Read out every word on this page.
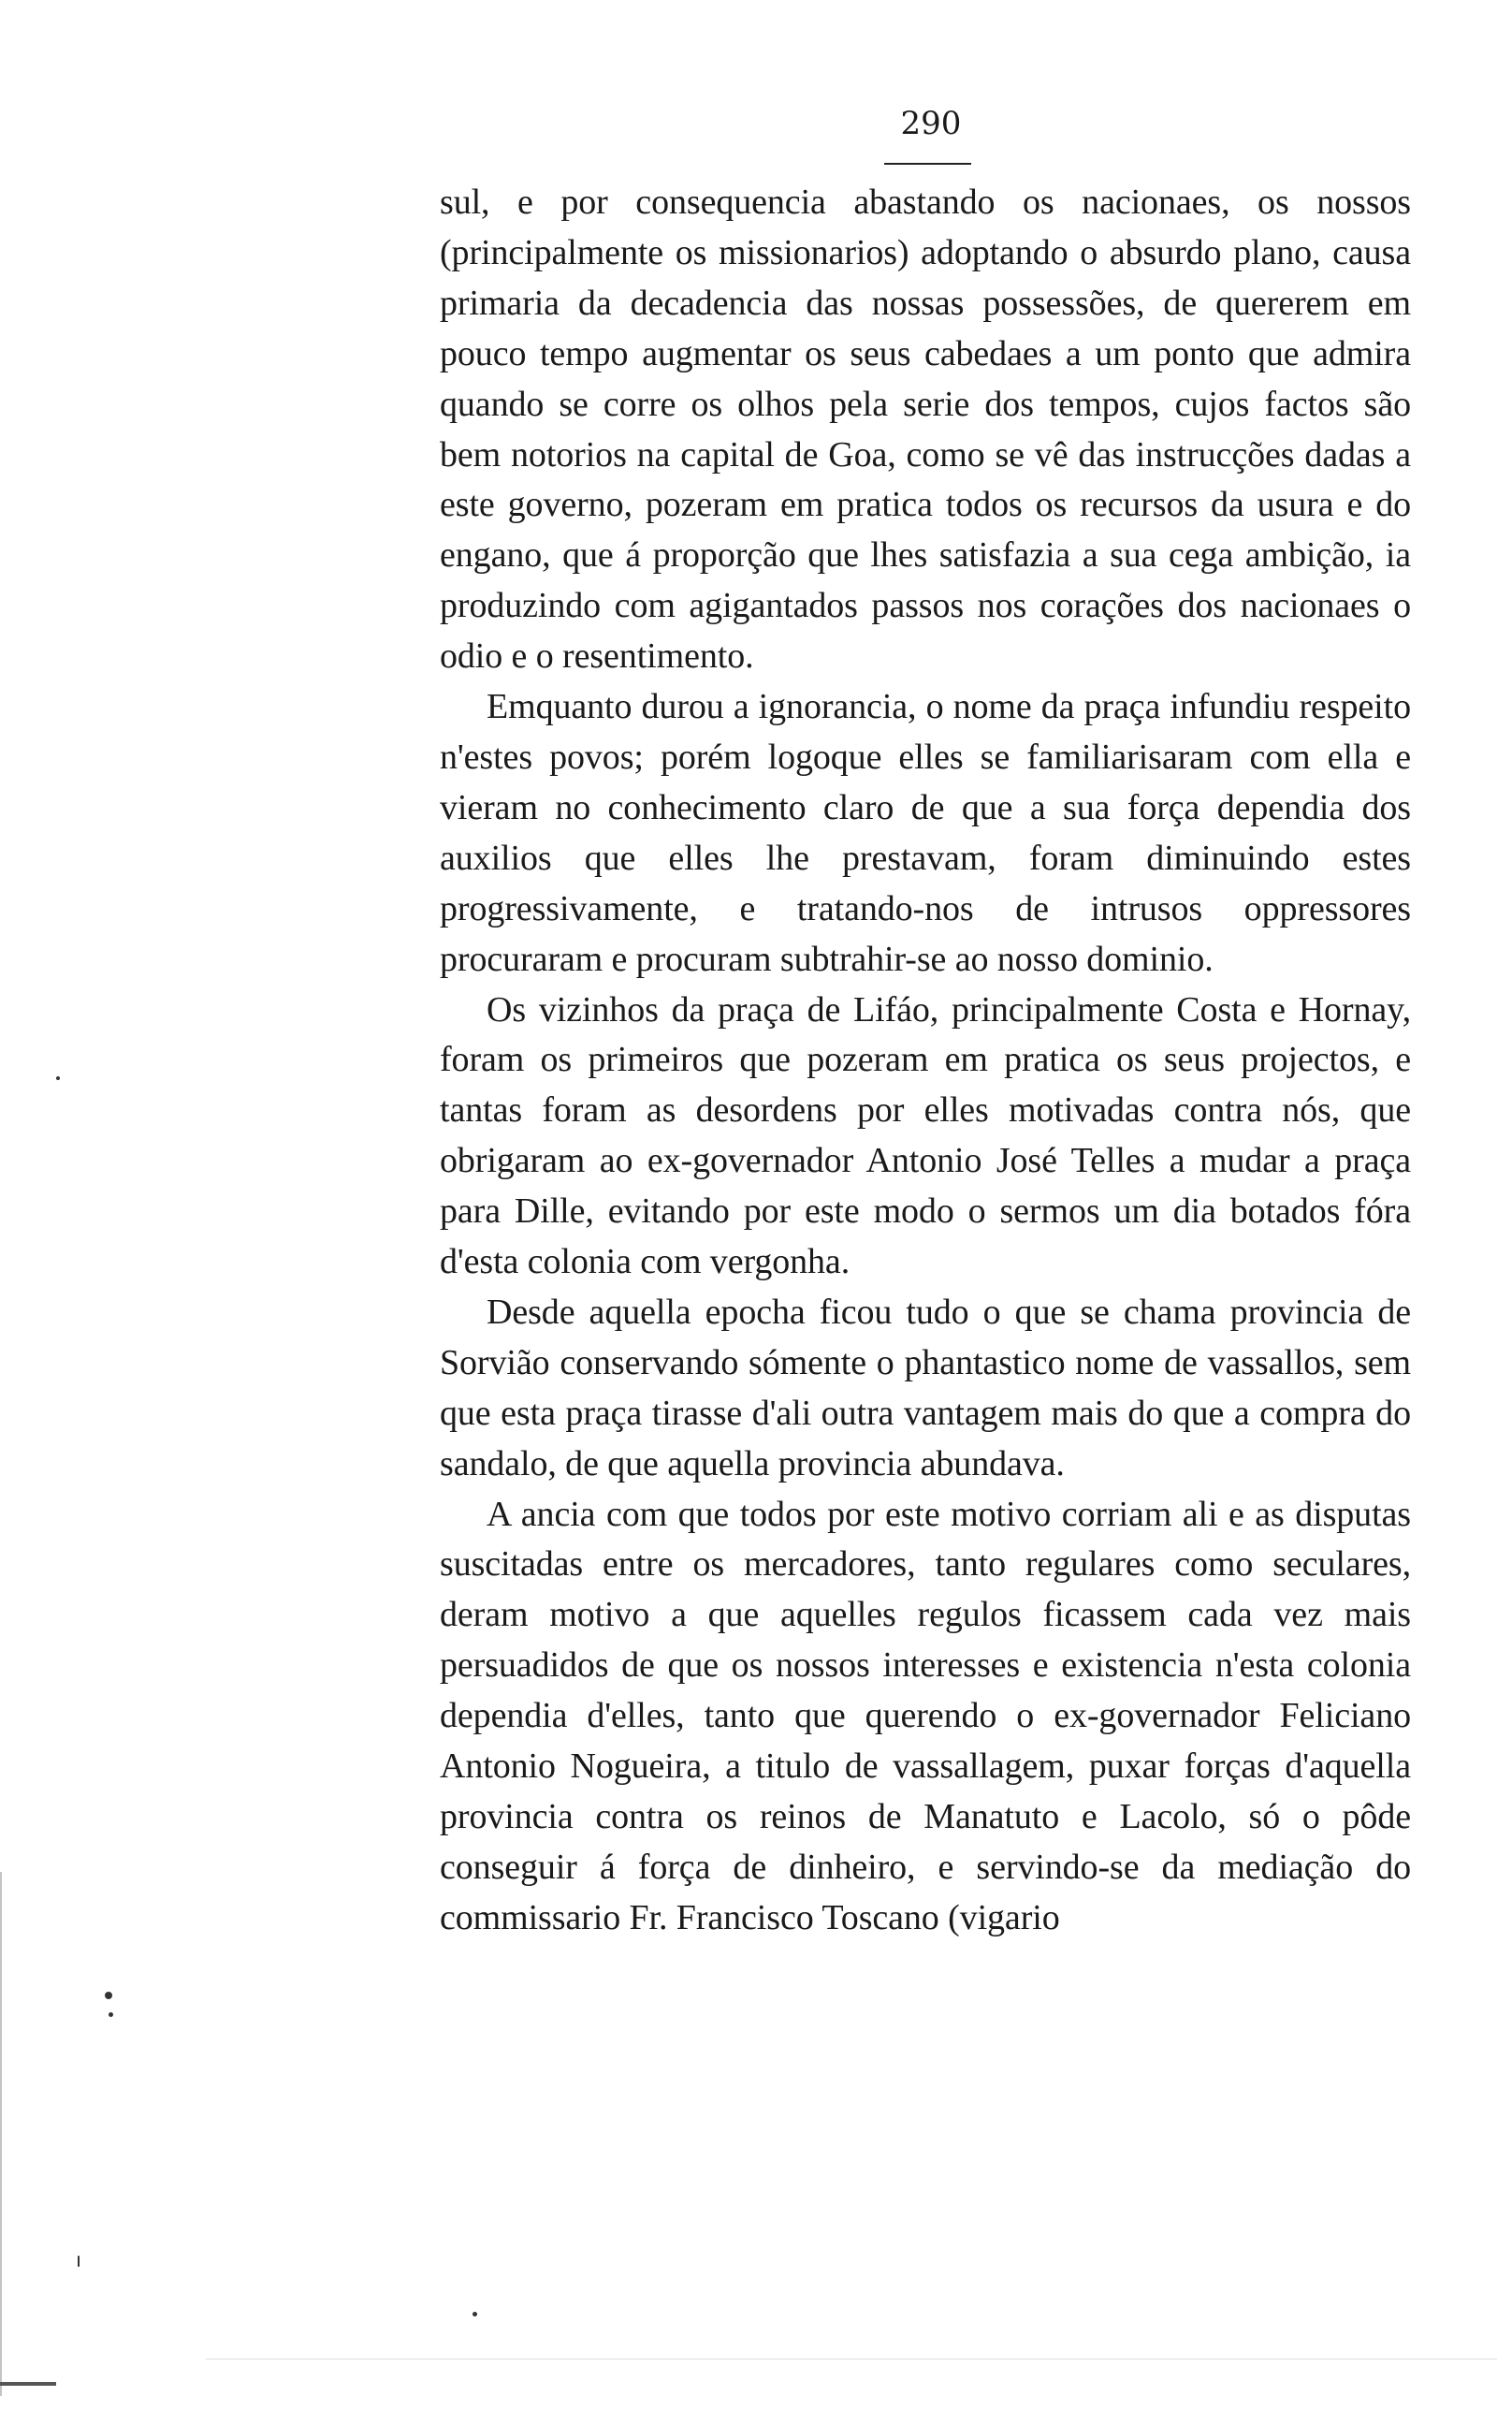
290

sul, e por consequencia abastando os nacionaes, os nossos (principalmente os missionarios) adoptando o absurdo plano, causa primaria da decadencia das nossas possessões, de quererem em pouco tempo augmentar os seus cabedaes a um ponto que admira quando se corre os olhos pela serie dos tempos, cujos factos são bem notorios na capital de Goa, como se vê das instrucções dadas a este governo, pozeram em pratica todos os recursos da usura e do engano, que á proporção que lhes satisfazia a sua cega ambição, ia produzindo com agigantados passos nos corações dos nacionaes o odio e o resentimento.

Emquanto durou a ignorancia, o nome da praça infundiu respeito n'estes povos; porém logoque elles se familiarisaram com ella e vieram no conhecimento claro de que a sua força dependia dos auxilios que elles lhe prestavam, foram diminuindo estes progressivamente, e tratando-nos de intrusos oppressores procuraram e procuram subtrahir-se ao nosso dominio.

Os vizinhos da praça de Lifáo, principalmente Costa e Hornay, foram os primeiros que pozeram em pratica os seus projectos, e tantas foram as desordens por elles motivadas contra nós, que obrigaram ao ex-governador Antonio José Telles a mudar a praça para Dille, evitando por este modo o sermos um dia botados fóra d'esta colonia com vergonha.

Desde aquella epocha ficou tudo o que se chama provincia de Sorvião conservando sómente o phantastico nome de vassallos, sem que esta praça tirasse d'ali outra vantagem mais do que a compra do sandalo, de que aquella provincia abundava.

A ancia com que todos por este motivo corriam ali e as disputas suscitadas entre os mercadores, tanto regulares como seculares, deram motivo a que aquelles regulos ficassem cada vez mais persuadidos de que os nossos interesses e existencia n'esta colonia dependia d'elles, tanto que querendo o ex-governador Feliciano Antonio Nogueira, a titulo de vassallagem, puxar forças d'aquella provincia contra os reinos de Manatuto e Lacolo, só o pôde conseguir á força de dinheiro, e servindo-se da mediação do commissario Fr. Francisco Toscano (vigario
